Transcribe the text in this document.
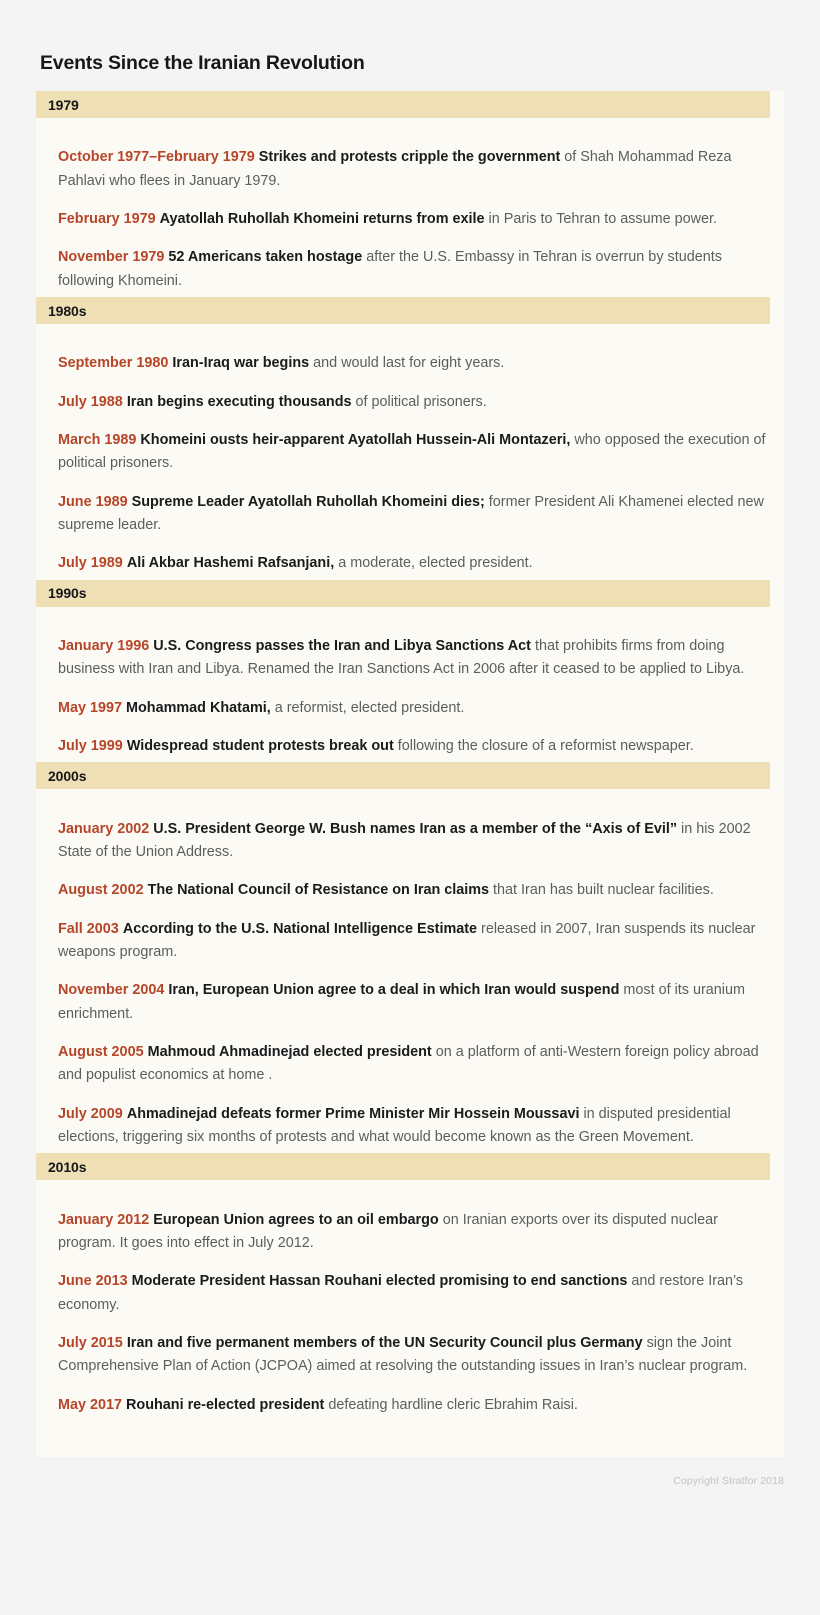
Events Since the Iranian Revolution
1979

October 1977–February 1979 Strikes and protests cripple the government of Shah Mohammad Reza Pahlavi who flees in January 1979.

February 1979 Ayatollah Ruhollah Khomeini returns from exile in Paris to Tehran to assume power.

November 1979 52 Americans taken hostage after the U.S. Embassy in Tehran is overrun by students following Khomeini.

1980s

September 1980 Iran-Iraq war begins and would last for eight years.

July 1988 Iran begins executing thousands of political prisoners.

March 1989 Khomeini ousts heir-apparent Ayatollah Hussein-Ali Montazeri, who opposed the execution of political prisoners.

June 1989 Supreme Leader Ayatollah Ruhollah Khomeini dies; former President Ali Khamenei elected new supreme leader.

July 1989 Ali Akbar Hashemi Rafsanjani, a moderate, elected president.

1990s

January 1996 U.S. Congress passes the Iran and Libya Sanctions Act that prohibits firms from doing business with Iran and Libya. Renamed the Iran Sanctions Act in 2006 after it ceased to be applied to Libya.

May 1997 Mohammad Khatami, a reformist, elected president.

July 1999 Widespread student protests break out following the closure of a reformist newspaper.

2000s

January 2002 U.S. President George W. Bush names Iran as a member of the “Axis of Evil” in his 2002 State of the Union Address.

August 2002 The National Council of Resistance on Iran claims that Iran has built nuclear facilities.

Fall 2003 According to the U.S. National Intelligence Estimate released in 2007, Iran suspends its nuclear weapons program.

November 2004 Iran, European Union agree to a deal in which Iran would suspend most of its uranium enrichment.

August 2005 Mahmoud Ahmadinejad elected president on a platform of anti-Western foreign policy abroad and populist economics at home .

July 2009 Ahmadinejad defeats former Prime Minister Mir Hossein Moussavi in disputed presidential elections, triggering six months of protests and what would become known as the Green Movement.

2010s

January 2012 European Union agrees to an oil embargo on Iranian exports over its disputed nuclear program. It goes into effect in July 2012.

June 2013 Moderate President Hassan Rouhani elected promising to end sanctions and restore Iran’s economy.

July 2015 Iran and five permanent members of the UN Security Council plus Germany sign the Joint Comprehensive Plan of Action (JCPOA) aimed at resolving the outstanding issues in Iran’s nuclear program.

May 2017 Rouhani re-elected president defeating hardline cleric Ebrahim Raisi.

Copyright Stratfor 2018
